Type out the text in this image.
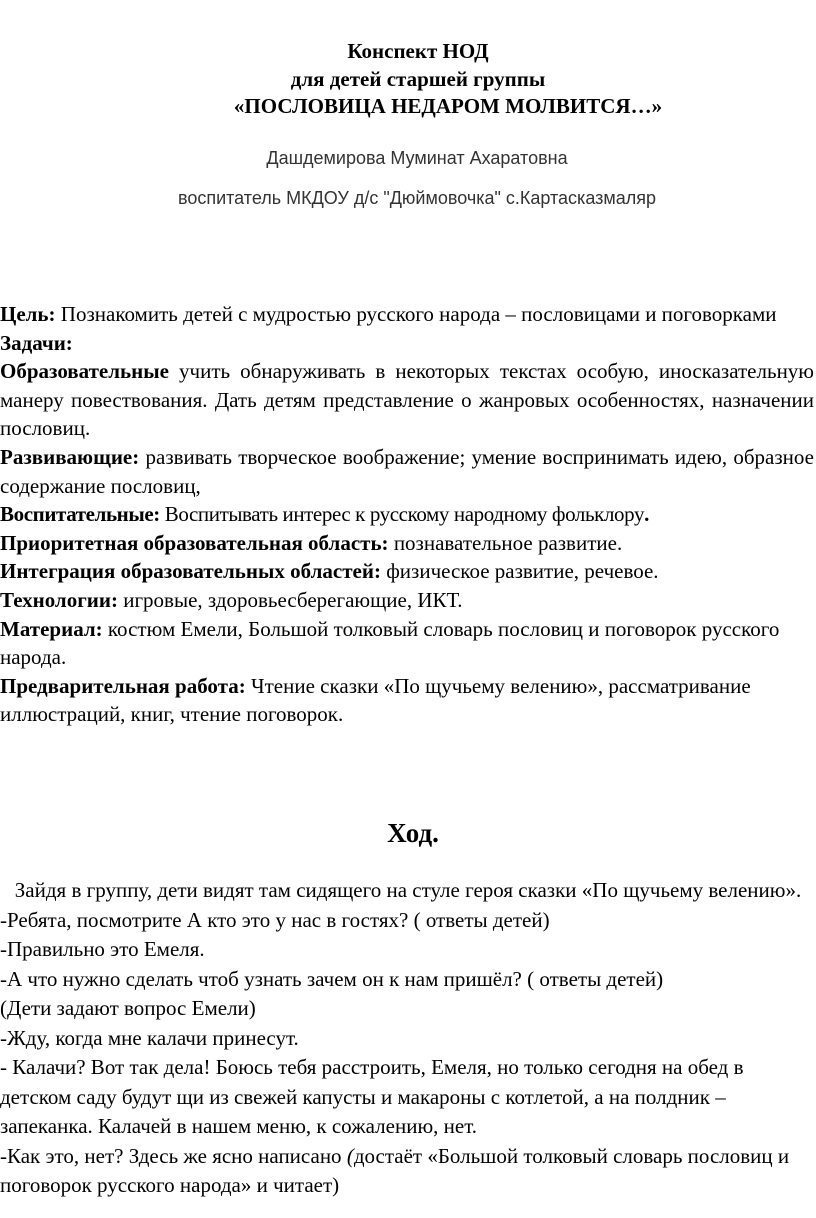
Конспект НОД
для детей старшей группы
«ПОСЛОВИЦА НЕДАРОМ МОЛВИТСЯ…»
Дашдемирова Муминат Ахаратовна
воспитатель МКДОУ д/с "Дюймовочка" с.Картасказмаляр

Цель: Познакомить детей с мудростью русского народа – пословицами и поговорками

Задачи:

Образовательные учить обнаруживать в некоторых текстах особую, иносказательную манеру повествования. Дать детям представление о жанровых особенностях, назначении пословиц.

Развивающие: развивать творческое воображение; умение воспринимать идею, образное содержание пословиц,

Воспитательные: Воспитывать интерес к русскому народному фольклору.

Приоритетная образовательная область: познавательное развитие.

Интеграция образовательных областей: физическое развитие, речевое.

Технологии: игровые, здоровьесберегающие, ИКТ.

Материал: костюм Емели, Большой толковый словарь пословиц и поговорок русского народа.

Предварительная работа: Чтение сказки «По щучьему велению», рассматривание иллюстраций, книг, чтение поговорок.

Ход.

Зайдя в группу, дети видят там сидящего на стуле героя сказки «По щучьему велению».

-Ребята, посмотрите А кто это у нас в гостях? ( ответы детей)

-Правильно это Емеля.

-А что нужно сделать чтоб узнать зачем он к нам пришёл? ( ответы детей)

(Дети задают вопрос Емели)

-Жду, когда мне калачи принесут.

- Калачи? Вот так дела! Боюсь тебя расстроить, Емеля, но только сегодня на обед в детском саду будут щи из свежей капусты и макароны с котлетой, а на полдник – запеканка. Калачей в нашем меню, к сожалению, нет.

-Как это, нет? Здесь же ясно написано (достаёт «Большой толковый словарь пословиц и поговорок русского народа» и читает)
